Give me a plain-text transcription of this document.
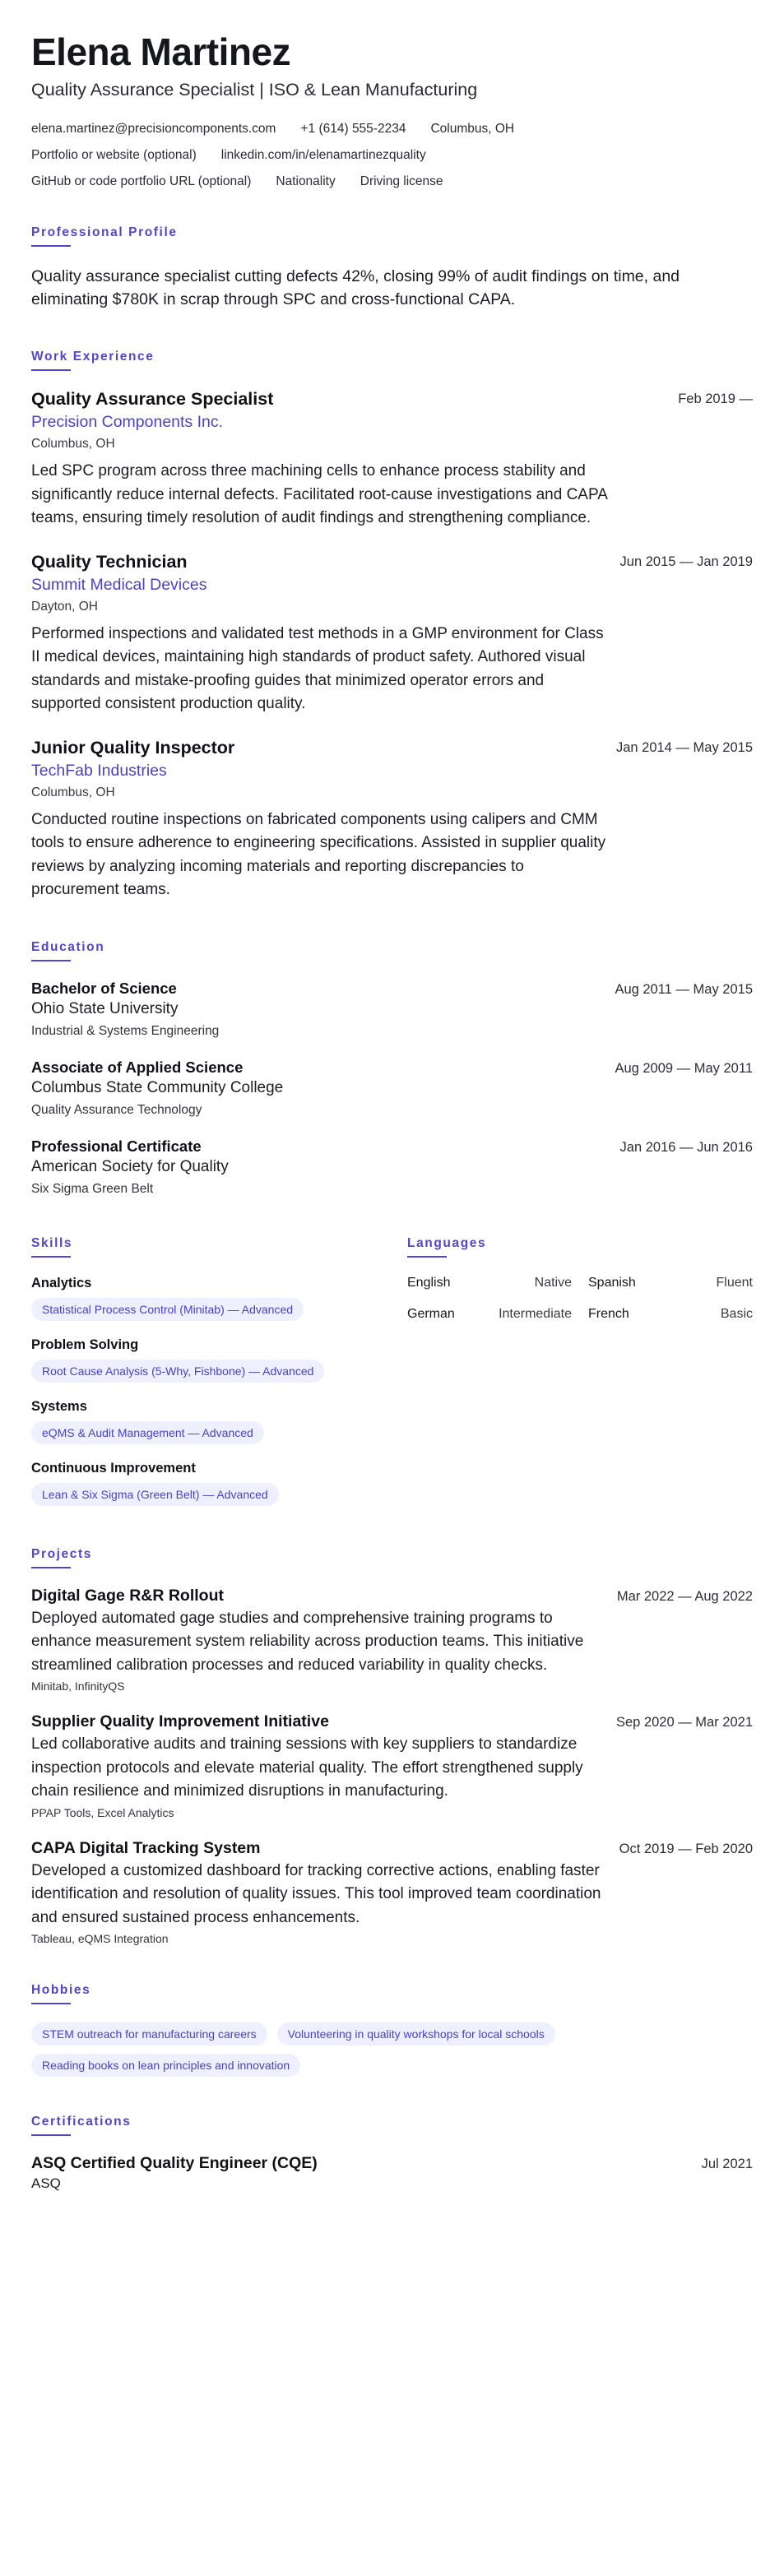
Elena Martinez
Quality Assurance Specialist | ISO & Lean Manufacturing
elena.martinez@precisioncomponents.com +1 (614) 555-2234 Columbus, OH
Portfolio or website (optional) linkedin.com/in/elenamartinezquality
GitHub or code portfolio URL (optional) Nationality Driving license
Professional Profile

Quality assurance specialist cutting defects 42%, closing 99% of audit findings on time, and eliminating $780K in scrap through SPC and cross-functional CAPA.

Work Experience
Quality Assurance Specialist	Feb 2019 —
Precision Components Inc.
Columbus, OH

Led SPC program across three machining cells to enhance process stability and significantly reduce internal defects. Facilitated root-cause investigations and CAPA teams, ensuring timely resolution of audit findings and strengthening compliance.

Quality Technician	Jun 2015 — Jan 2019
Summit Medical Devices
Dayton, OH

Performed inspections and validated test methods in a GMP environment for Class II medical devices, maintaining high standards of product safety. Authored visual standards and mistake-proofing guides that minimized operator errors and supported consistent production quality.

Junior Quality Inspector	Jan 2014 — May 2015
TechFab Industries
Columbus, OH

Conducted routine inspections on fabricated components using calipers and CMM tools to ensure adherence to engineering specifications. Assisted in supplier quality reviews by analyzing incoming materials and reporting discrepancies to procurement teams.

Education
Bachelor of Science	Aug 2011 — May 2015
Ohio State University
Industrial & Systems Engineering
Associate of Applied Science	Aug 2009 — May 2011
Columbus State Community College
Quality Assurance Technology
Professional Certificate	Jan 2016 — Jun 2016
American Society for Quality
Six Sigma Green Belt
Skills
Analytics
Statistical Process Control (Minitab) — Advanced
Problem Solving
Root Cause Analysis (5-Why, Fishbone) — Advanced
Systems
eQMS & Audit Management — Advanced
Continuous Improvement
Lean & Six Sigma (Green Belt) — Advanced
Languages
English	Native Spanish	Fluent
German	Intermediate French	Basic
Projects
Digital Gage R&R Rollout	Mar 2022 — Aug 2022

Deployed automated gage studies and comprehensive training programs to enhance measurement system reliability across production teams. This initiative streamlined calibration processes and reduced variability in quality checks.

Minitab, InfinityQS
Supplier Quality Improvement Initiative	Sep 2020 — Mar 2021

Led collaborative audits and training sessions with key suppliers to standardize inspection protocols and elevate material quality. The effort strengthened supply chain resilience and minimized disruptions in manufacturing.

PPAP Tools, Excel Analytics
CAPA Digital Tracking System	Oct 2019 — Feb 2020

Developed a customized dashboard for tracking corrective actions, enabling faster identification and resolution of quality issues. This tool improved team coordination and ensured sustained process enhancements.

Tableau, eQMS Integration
Hobbies
STEM outreach for manufacturing careers	Volunteering in quality workshops for local schools
Reading books on lean principles and innovation
Certifications
ASQ Certified Quality Engineer (CQE)	Jul 2021
ASQ
